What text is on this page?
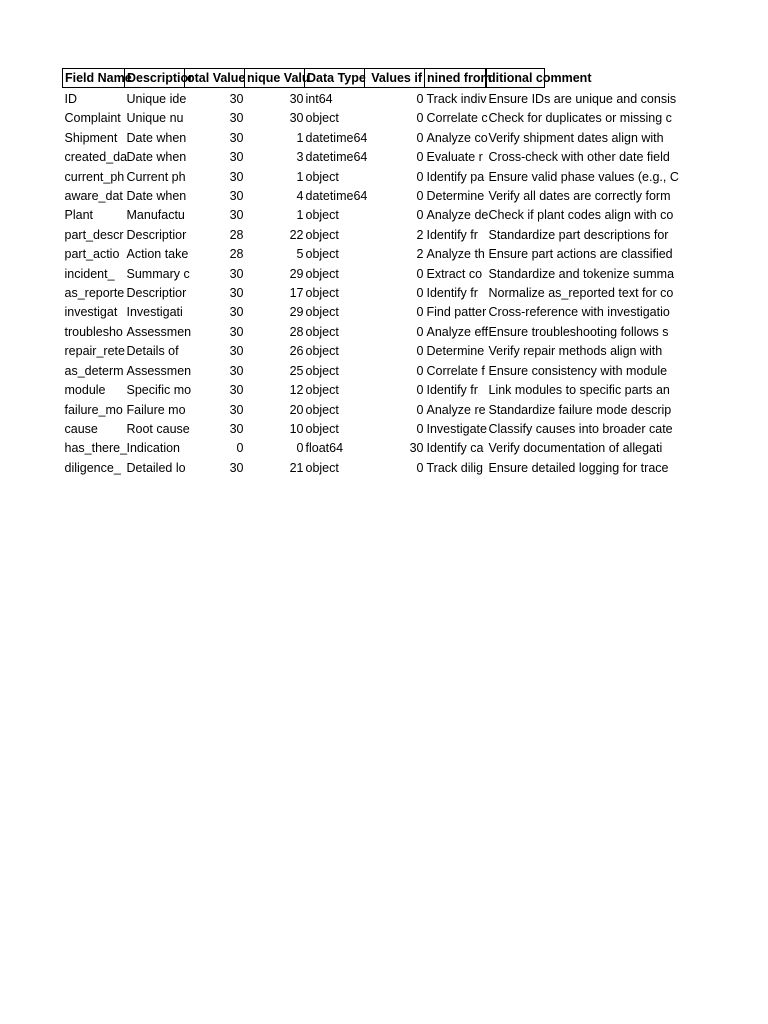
Field Name	Descriptior	otal Value	nique Valu	Data Type	Values if	nined from	ditional comment

ID	Unique ide	30	30	int64	0	Track indiv	Ensure IDs are unique and consis
Complaint	Unique nu	30	30	object	0	Correlate c	Check for duplicates or missing c
Shipment	Date when	30	1	datetime64	0	Analyze co	Verify shipment dates align with
created_da	Date when	30	3	datetime64	0	Evaluate r	Cross-check with other date field
current_ph	Current ph	30	1	object	0	Identify pa	Ensure valid phase values (e.g., C
aware_dat	Date when	30	4	datetime64	0	Determine	Verify all dates are correctly form
Plant	Manufactu	30	1	object	0	Analyze de	Check if plant codes align with co
part_descr	Descriptior	28	22	object	2	Identify fr	Standardize part descriptions for
part_actio	Action take	28	5	object	2	Analyze th	Ensure part actions are classified
incident_	Summary c	30	29	object	0	Extract co	Standardize and tokenize summa
as_reporte	Descriptior	30	17	object	0	Identify fr	Normalize as_reported text for co
investigat	Investigati	30	29	object	0	Find patter	Cross-reference with investigatio
troublesho	Assessmen	30	28	object	0	Analyze eff	Ensure troubleshooting follows s
repair_rete	Details of	30	26	object	0	Determine	Verify repair methods align with
as_determ	Assessmen	30	25	object	0	Correlate f	Ensure consistency with module
module	Specific mo	30	12	object	0	Identify fr	Link modules to specific parts an
failure_mo	Failure mo	30	20	object	0	Analyze re	Standardize failure mode descrip
cause	Root cause	30	10	object	0	Investigate	Classify causes into broader cate
has_there_	Indication	0	0	float64	30	Identify ca	Verify documentation of allegati
diligence_	Detailed lo	30	21	object	0	Track dilig	Ensure detailed logging for trace
